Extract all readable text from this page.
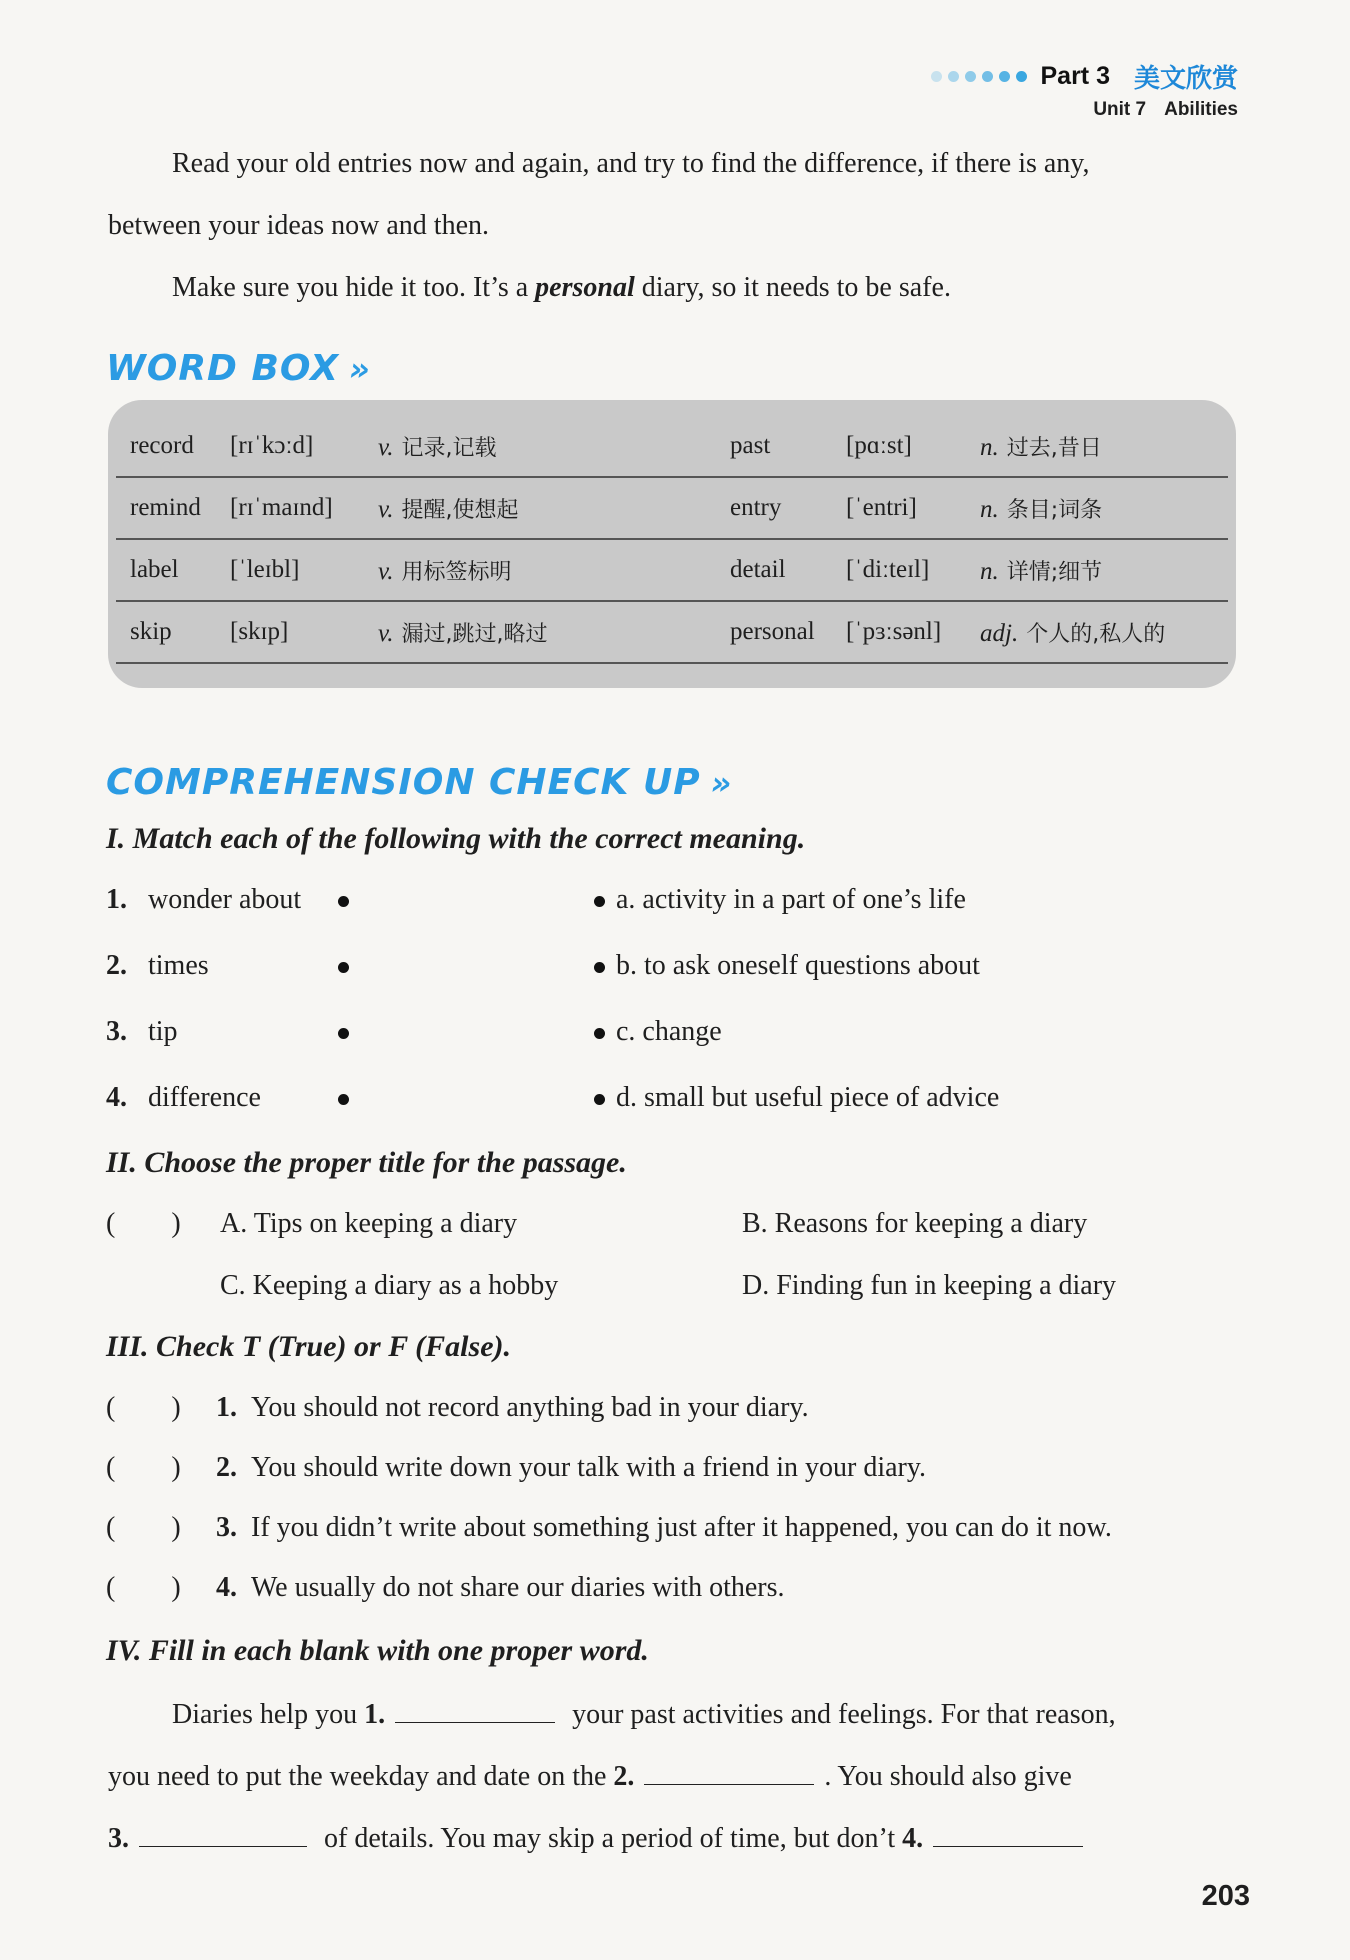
Part 3 美文欣赏
Unit 7 Abilities
Read your old entries now and again, and try to find the difference, if there is any,
between your ideas now and then.
Make sure you hide it too. It’s a personal diary, so it needs to be safe.
WORD BOX »
record	[rɪˈkɔːd]	v. 记录,记载	past	[pɑːst]	n. 过去,昔日
remind	[rɪˈmaɪnd]	v. 提醒,使想起	entry	[ˈentri]	n. 条目;词条
label	[ˈleɪbl]	v. 用标签标明	detail	[ˈdiːteɪl]	n. 详情;细节
skip	[skɪp]	v. 漏过,跳过,略过	personal	[ˈpɜːsənl]	adj. 个人的,私人的
COMPREHENSION CHECK UP »
I. Match each of the following with the correct meaning.
1. wonder about	a. activity in a part of one’s life
2. times	b. to ask oneself questions about
3. tip	c. change
4. difference	d. small but useful piece of advice
II. Choose the proper title for the passage.
(        ) A. Tips on keeping a diary	B. Reasons for keeping a diary
C. Keeping a diary as a hobby	D. Finding fun in keeping a diary
III. Check T (True) or F (False).
(        ) 1. You should not record anything bad in your diary.
(        ) 2. You should write down your talk with a friend in your diary.
(        ) 3. If you didn’t write about something just after it happened, you can do it now.
(        ) 4. We usually do not share our diaries with others.
IV. Fill in each blank with one proper word.
Diaries help you 1.	your past activities and feelings. For that reason,
you need to put the weekday and date on the 2.	. You should also give
3.	of details. You may skip a period of time, but don’t 4.
203
